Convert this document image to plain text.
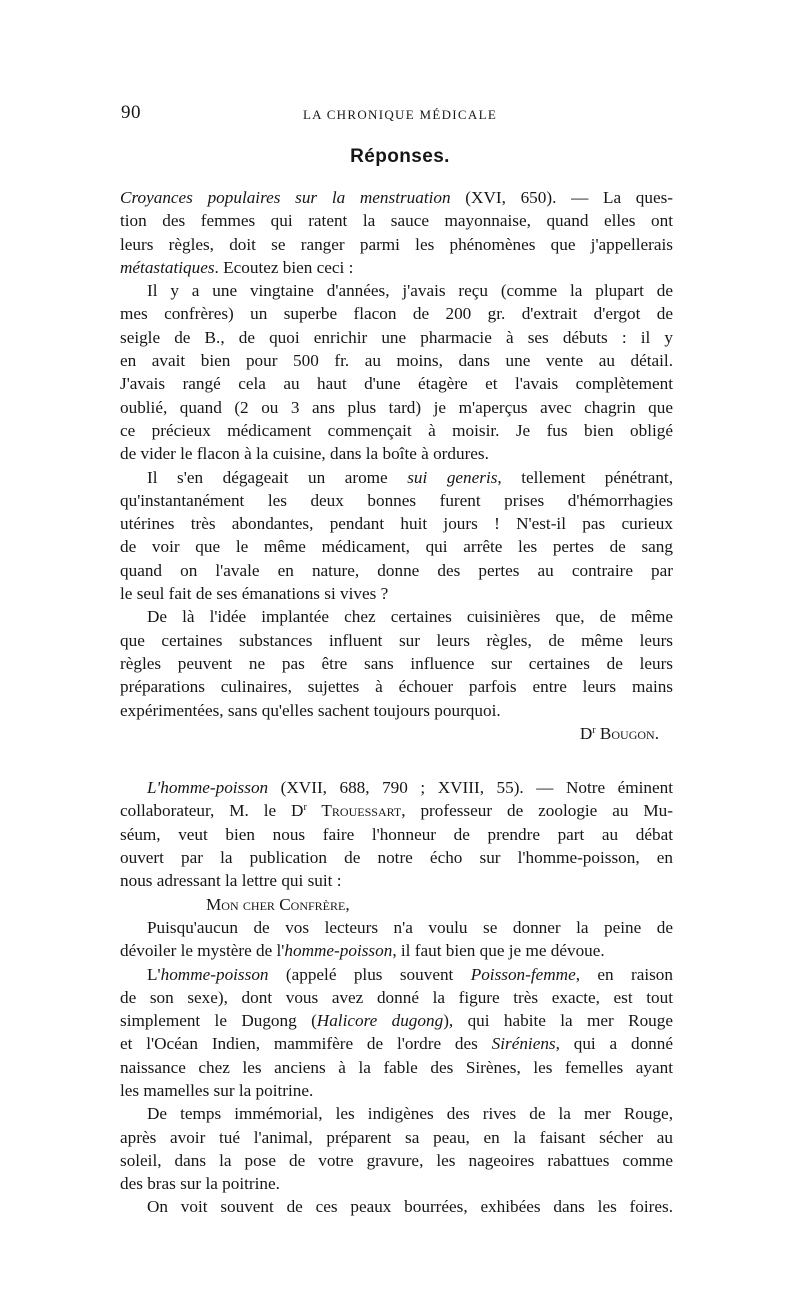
90	LA CHRONIQUE MÉDICALE
Réponses.
Croyances populaires sur la menstruation (XVI, 650). — La ques-
tion des femmes qui ratent la sauce mayonnaise, quand elles ont
leurs règles, doit se ranger parmi les phénomènes que j'appellerais
métastatiques. Ecoutez bien ceci :
Il y a une vingtaine d'années, j'avais reçu (comme la plupart de
mes confrères) un superbe flacon de 200 gr. d'extrait d'ergot de
seigle de B., de quoi enrichir une pharmacie à ses débuts : il y
en avait bien pour 500 fr. au moins, dans une vente au détail.
J'avais rangé cela au haut d'une étagère et l'avais complètement
oublié, quand (2 ou 3 ans plus tard) je m'aperçus avec chagrin que
ce précieux médicament commençait à moisir. Je fus bien obligé
de vider le flacon à la cuisine, dans la boîte à ordures.
Il s'en dégageait un arome sui generis, tellement pénétrant,
qu'instantanément les deux bonnes furent prises d'hémorrhagies
utérines très abondantes, pendant huit jours ! N'est-il pas curieux
de voir que le même médicament, qui arrête les pertes de sang
quand on l'avale en nature, donne des pertes au contraire par
le seul fait de ses émanations si vives ?
De là l'idée implantée chez certaines cuisinières que, de même
que certaines substances influent sur leurs règles, de même leurs
règles peuvent ne pas être sans influence sur certaines de leurs
préparations culinaires, sujettes à échouer parfois entre leurs mains
expérimentées, sans qu'elles sachent toujours pourquoi.
$D^r$ Bougon.
L'homme-poisson (XVII, 688, 790 ; XVIII, 55). — Notre éminent
collaborateur, M. le $D^r$ Trouessart, professeur de zoologie au Mu-
séum, veut bien nous faire l'honneur de prendre part au débat
ouvert par la publication de notre écho sur l'homme-poisson, en
nous adressant la lettre qui suit :
Mon cher Confrère,
Puisqu'aucun de vos lecteurs n'a voulu se donner la peine de
dévoiler le mystère de l'homme-poisson, il faut bien que je me dévoue.
L'homme-poisson (appelé plus souvent Poisson-femme, en raison
de son sexe), dont vous avez donné la figure très exacte, est tout
simplement le Dugong (Halicore dugong), qui habite la mer Rouge
et l'Océan Indien, mammifère de l'ordre des Siréniens, qui a donné
naissance chez les anciens à la fable des Sirènes, les femelles ayant
les mamelles sur la poitrine.
De temps immémorial, les indigènes des rives de la mer Rouge,
après avoir tué l'animal, préparent sa peau, en la faisant sécher au
soleil, dans la pose de votre gravure, les nageoires rabattues comme
des bras sur la poitrine.
On voit souvent de ces peaux bourrées, exhibées dans les foires.
